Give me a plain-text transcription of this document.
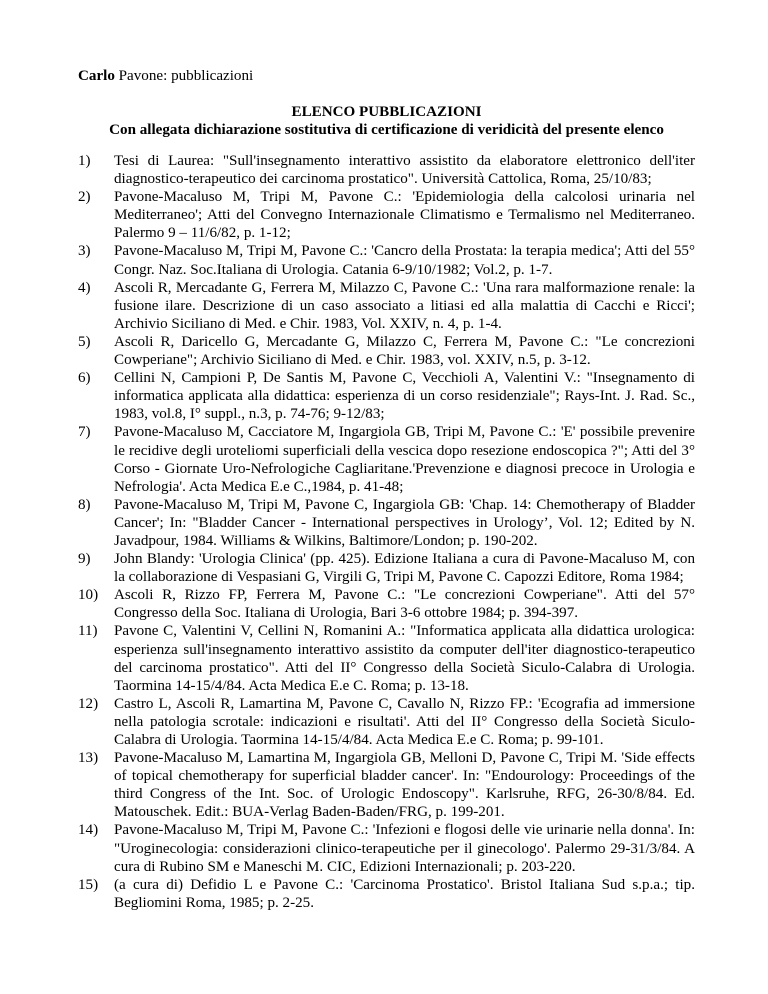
Carlo Pavone: pubblicazioni
ELENCO PUBBLICAZIONI
Con allegata dichiarazione sostitutiva di certificazione di veridicità del presente elenco
1)	Tesi di Laurea: "Sull'insegnamento interattivo assistito da elaboratore elettronico dell'iter diagnostico-terapeutico dei carcinoma prostatico". Università Cattolica, Roma, 25/10/83;
2)	Pavone-Macaluso M, Tripi M, Pavone C.: 'Epidemiologia della calcolosi urinaria nel Mediterraneo'; Atti del Convegno Internazionale Climatismo e Termalismo nel Mediterraneo. Palermo 9 – 11/6/82, p. 1-12;
3)	Pavone-Macaluso M, Tripi M, Pavone C.: 'Cancro della Prostata: la terapia medica'; Atti del 55° Congr. Naz. Soc.Italiana di Urologia. Catania 6-9/10/1982; Vol.2, p. 1-7.
4)	Ascoli R, Mercadante G, Ferrera M, Milazzo C, Pavone C.: 'Una rara malformazione renale: la fusione ilare. Descrizione di un caso associato a litiasi ed alla malattia di Cacchi e Ricci'; Archivio Siciliano di Med. e Chir. 1983, Vol. XXIV, n. 4, p. 1-4.
5)	Ascoli R, Daricello G, Mercadante G, Milazzo C, Ferrera M, Pavone C.: "Le concrezioni Cowperiane"; Archivio Siciliano di Med. e Chir. 1983, vol. XXIV, n.5, p. 3-12.
6)	Cellini N, Campioni P, De Santis M, Pavone C, Vecchioli A, Valentini V.: "Insegnamento di informatica applicata alla didattica: esperienza di un corso residenziale"; Rays-Int. J. Rad. Sc., 1983, vol.8, I° suppl., n.3, p. 74-76; 9-12/83;
7)	Pavone-Macaluso M, Cacciatore M, Ingargiola GB, Tripi M, Pavone C.: 'E' possibile prevenire le recidive degli uroteliomi superficiali della vescica dopo resezione endoscopica ?"; Atti del 3° Corso - Giornate Uro-Nefrologiche Cagliaritane.'Prevenzione e diagnosi precoce in Urologia e Nefrologia'. Acta Medica E.e C.,1984, p. 41-48;
8)	Pavone-Macaluso M, Tripi M, Pavone C, Ingargiola GB: 'Chap. 14: Chemotherapy of Bladder Cancer'; In: "Bladder Cancer - International perspectives in Urology’, Vol. 12; Edited by N. Javadpour, 1984. Williams & Wilkins, Baltimore/London; p. 190-202.
9)	John Blandy: 'Urologia Clinica' (pp. 425). Edizione Italiana a cura di Pavone-Macaluso M, con la collaborazione di Vespasiani G, Virgili G, Tripi M, Pavone C. Capozzi Editore, Roma 1984;
10)	Ascoli R, Rizzo FP, Ferrera M, Pavone C.: "Le concrezioni Cowperiane". Atti del 57° Congresso della Soc. Italiana di Urologia, Bari 3-6 ottobre 1984; p. 394-397.
11)	Pavone C, Valentini V, Cellini N, Romanini A.: "Informatica applicata alla didattica urologica: esperienza sull'insegnamento interattivo assistito da computer dell'iter diagnostico-terapeutico del carcinoma prostatico". Atti del II° Congresso della Società Siculo-Calabra di Urologia. Taormina 14-15/4/84. Acta Medica E.e C. Roma; p. 13-18.
12)	Castro L, Ascoli R, Lamartina M, Pavone C, Cavallo N, Rizzo FP.: 'Ecografia ad immersione nella patologia scrotale: indicazioni e risultati'. Atti del II° Congresso della Società Siculo-Calabra di Urologia. Taormina 14-15/4/84. Acta Medica E.e C. Roma; p. 99-101.
13)	Pavone-Macaluso M, Lamartina M, Ingargiola GB, Melloni D, Pavone C, Tripi M. 'Side effects of topical chemotherapy for superficial bladder cancer'. In: "Endourology: Proceedings of the third Congress of the Int. Soc. of Urologic Endoscopy". Karlsruhe, RFG, 26-30/8/84. Ed. Matouschek. Edit.: BUA-Verlag Baden-Baden/FRG, p. 199-201.
14)	Pavone-Macaluso M, Tripi M, Pavone C.: 'Infezioni e flogosi delle vie urinarie nella donna'. In: "Uroginecologia: considerazioni clinico-terapeutiche per il ginecologo'. Palermo 29-31/3/84. A cura di Rubino SM e Maneschi M. CIC, Edizioni Internazionali; p. 203-220.
15)	(a cura di) Defidio L e Pavone C.: 'Carcinoma Prostatico'. Bristol Italiana Sud s.p.a.; tip. Begliomini Roma, 1985; p. 2-25.
